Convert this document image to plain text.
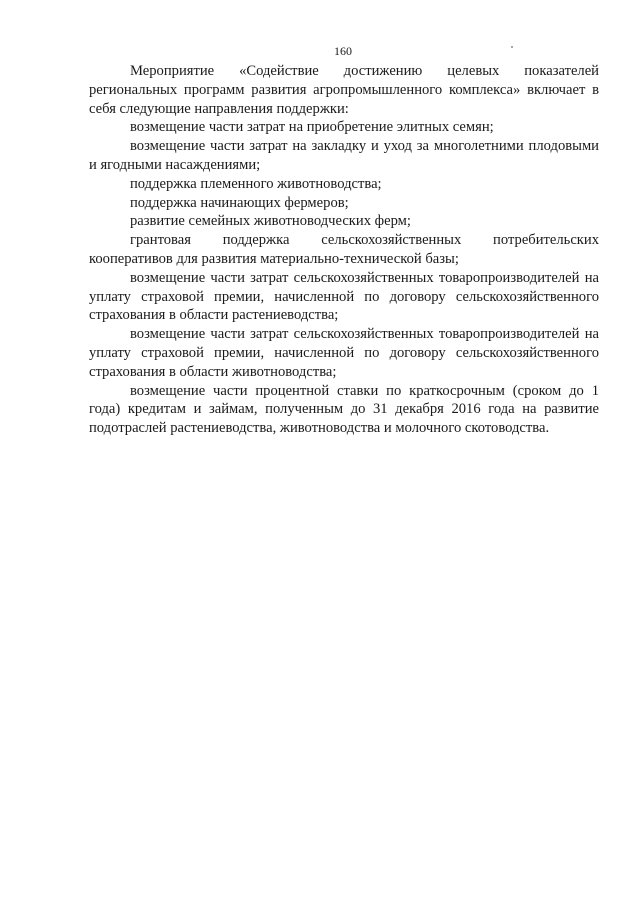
160

Мероприятие «Содействие достижению целевых показателей региональных программ развития агропромышленного комплекса» включает в себя следующие направления поддержки:

возмещение части затрат на приобретение элитных семян;

возмещение части затрат на закладку и уход за многолетними плодовыми и ягодными насаждениями;

поддержка племенного животноводства;

поддержка начинающих фермеров;

развитие семейных животноводческих ферм;

грантовая поддержка сельскохозяйственных потребительских кооперативов для развития материально-технической базы;

возмещение части затрат сельскохозяйственных товаропроизводителей на уплату страховой премии, начисленной по договору сельскохозяйственного страхования в области растениеводства;

возмещение части затрат сельскохозяйственных товаропроизводителей на уплату страховой премии, начисленной по договору сельскохозяйственного страхования в области животноводства;

возмещение части процентной ставки по краткосрочным (сроком до 1 года) кредитам и займам, полученным до 31 декабря 2016 года на развитие подотраслей растениеводства, животноводства и молочного скотоводства.
